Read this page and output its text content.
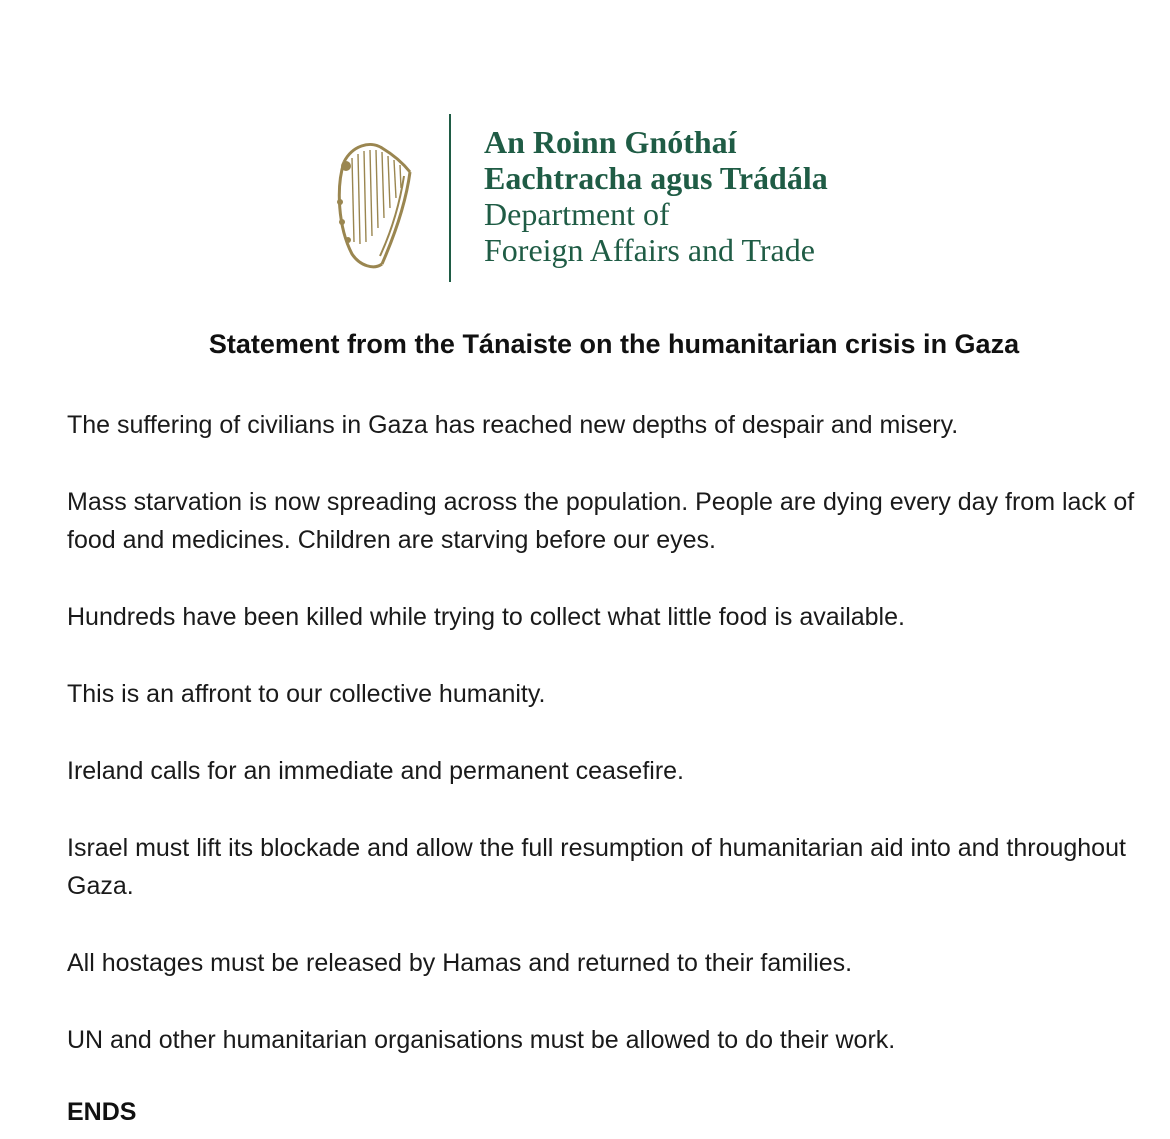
An Roinn Gnóthaí
Eachtracha agus Trádála
Department of
Foreign Affairs and Trade
Statement from the Tánaiste on the humanitarian crisis in Gaza

The suffering of civilians in Gaza has reached new depths of despair and misery.

Mass starvation is now spreading across the population. People are dying every day from lack of food and medicines. Children are starving before our eyes.

Hundreds have been killed while trying to collect what little food is available.

This is an affront to our collective humanity.

Ireland calls for an immediate and permanent ceasefire.

Israel must lift its blockade and allow the full resumption of humanitarian aid into and throughout Gaza.

All hostages must be released by Hamas and returned to their families.

UN and other humanitarian organisations must be allowed to do their work.

ENDS
